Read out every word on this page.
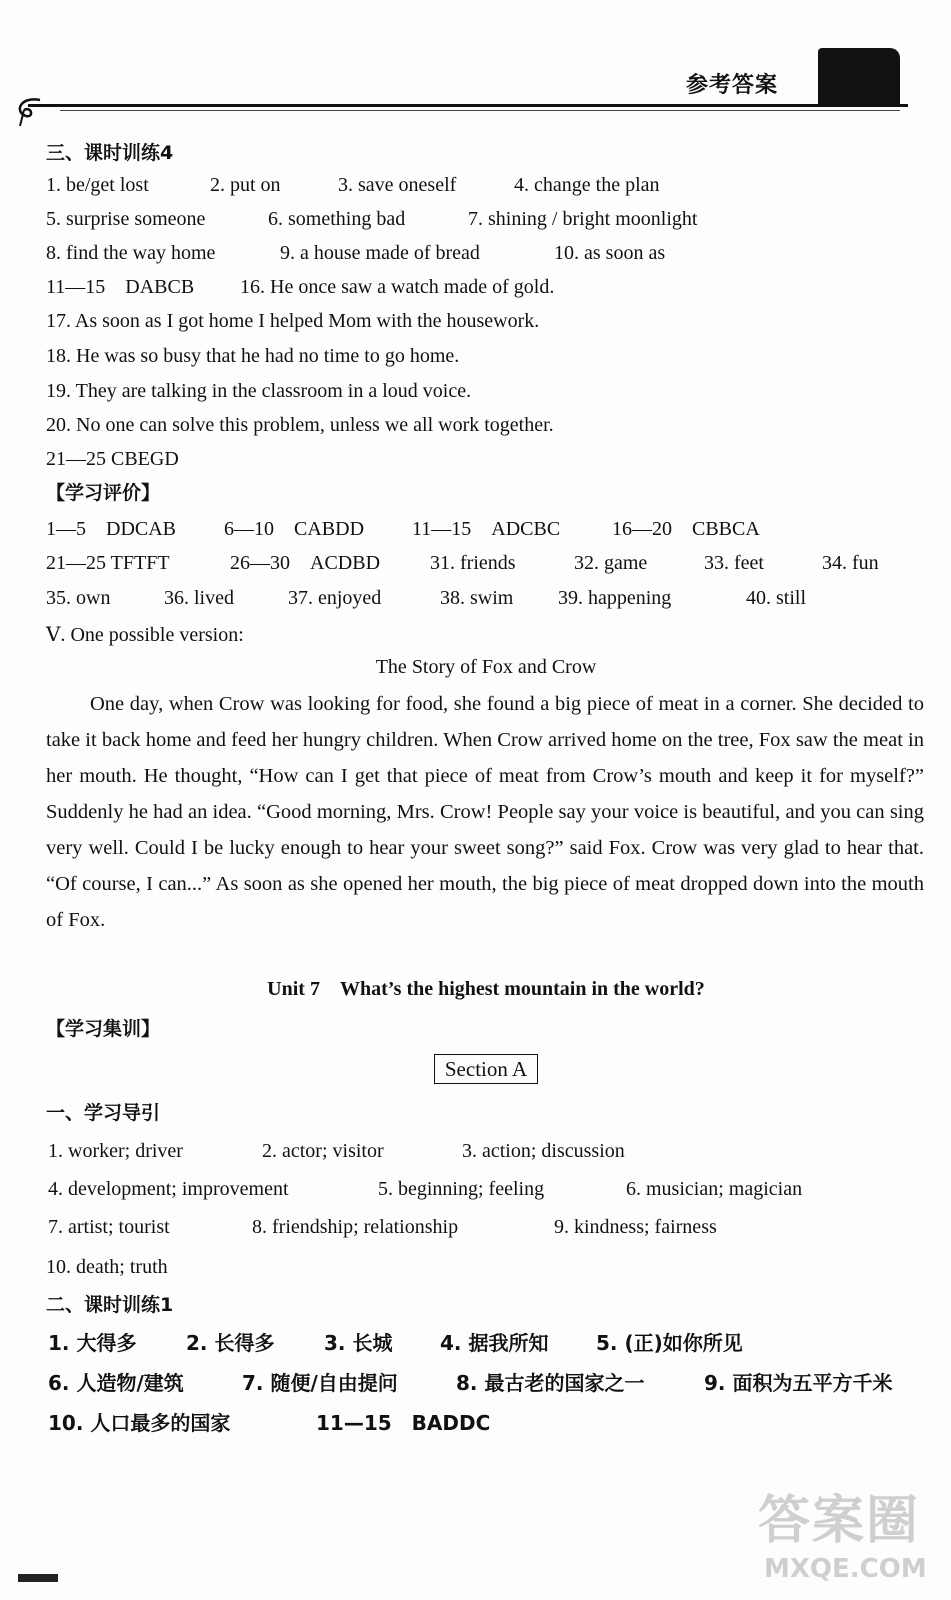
参考答案
三、课时训练4
1. be/get lost	2. put on	3. save oneself	4. change the plan
5. surprise someone	6. something bad	7. shining / bright moonlight
8. find the way home	9. a house made of bread	10. as soon as
11—15　DABCB 16. He once saw a watch made of gold.
17. As soon as I got home I helped Mom with the housework.
18. He was so busy that he had no time to go home.
19. They are talking in the classroom in a loud voice.
20. No one can solve this problem, unless we all work together.
21—25 CBEGD
【学习评价】
1—5　DDCAB 6—10　CABDD 11—15　ADCBC	16—20　CBBCA
21—25 TFTFT	26—30　ACDBD 31. friends	32. game	33. feet	34. fun
35. own	36. lived	37. enjoyed	38. swim 39. happening	40. still
Ⅴ. One possible version:
The Story of Fox and Crow
One day, when Crow was looking for food, she found a big piece of meat in a corner. She decided to take it back home and feed her hungry children. When Crow arrived home on the tree, Fox saw the meat in her mouth. He thought, “How can I get that piece of meat from Crow’s mouth and keep it for myself?” Suddenly he had an idea. “Good morning, Mrs. Crow! People say your voice is beautiful, and you can sing very well. Could I be lucky enough to hear your sweet song?” said Fox. Crow was very glad to hear that. “Of course, I can...” As soon as she opened her mouth, the big piece of meat dropped down into the mouth of Fox.
Unit 7　What’s the highest mountain in the world?
【学习集训】
Section A
一、学习导引
1. worker; driver	2. actor; visitor	3. action; discussion
4. development; improvement	5. beginning; feeling	6. musician; magician
7. artist; tourist	8. friendship; relationship	9. kindness; fairness
10. death; truth
二、课时训练1
1. 大得多 2. 长得多 3. 长城 4. 据我所知 5. (正)如你所见
6. 人造物/建筑	7. 随便/自由提问	8. 最古老的国家之一	9. 面积为五平方千米
10. 人口最多的国家	11—15　BADDC
答案圈
MXQE.COM
